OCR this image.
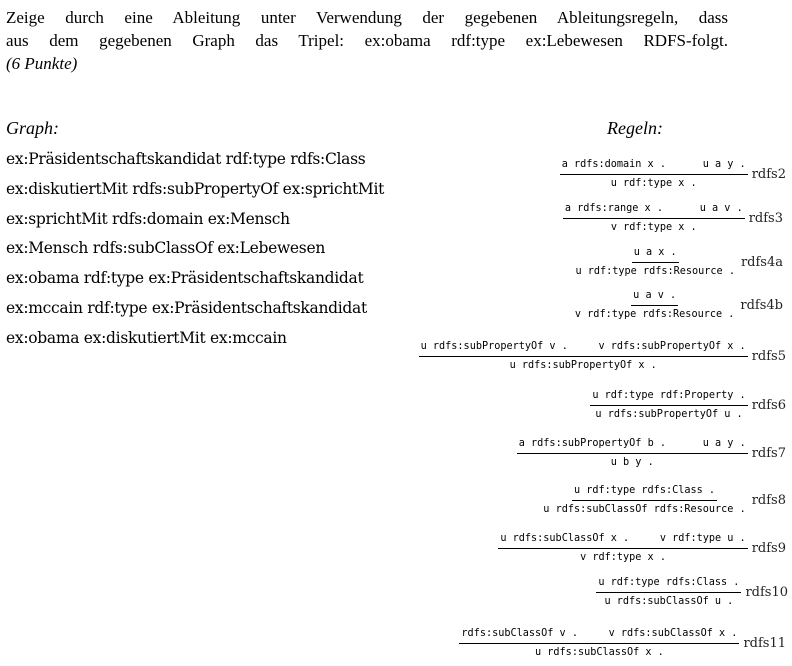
Zeige durch eine Ableitung unter Verwendung der gegebenen Ableitungsregeln, dass
aus dem gegebenen Graph das Tripel: ex:obama rdf:type ex:Lebewesen RDFS-folgt.
(6 Punkte)
Graph:	Regeln:
ex:Präsidentschaftskandidat rdf:type rdfs:Class
ex:diskutiertMit rdfs:subPropertyOf ex:sprichtMit
ex:sprichtMit rdfs:domain ex:Mensch
ex:Mensch rdfs:subClassOf ex:Lebewesen
ex:obama rdf:type ex:Präsidentschaftskandidat
ex:mccain rdf:type ex:Präsidentschaftskandidat
ex:obama ex:diskutiertMit ex:mccain
$\frac{\text{a rdfs:domain x .      u a y .}}{\text{u rdf:type x .}}$ rdfs2
$\frac{\text{a rdfs:range x .      u a v .}}{\text{v rdf:type x .}}$ rdfs3
$\frac{\text{u a x .}}{\text{u rdf:type rdfs:Resource .}}$ rdfs4a
$\frac{\text{u a v .}}{\text{v rdf:type rdfs:Resource .}}$ rdfs4b
$\frac{\text{u rdfs:subPropertyOf v .     v rdfs:subPropertyOf x .}}{\text{u rdfs:subPropertyOf x .}}$ rdfs5
$\frac{\text{u rdf:type rdf:Property .}}{\text{u rdfs:subPropertyOf u .}}$ rdfs6
$\frac{\text{a rdfs:subPropertyOf b .      u a y .}}{\text{u b y .}}$ rdfs7
$\frac{\text{u rdf:type rdfs:Class .}}{\text{u rdfs:subClassOf rdfs:Resource .}}$ rdfs8
$\frac{\text{u rdfs:subClassOf x .     v rdf:type u .}}{\text{v rdf:type x .}}$ rdfs9
$\frac{\text{u rdf:type rdfs:Class .}}{\text{u rdfs:subClassOf u .}}$ rdfs10
$\frac{\text{rdfs:subClassOf v .     v rdfs:subClassOf x .}}{\text{u rdfs:subClassOf x .}}$ rdfs11
